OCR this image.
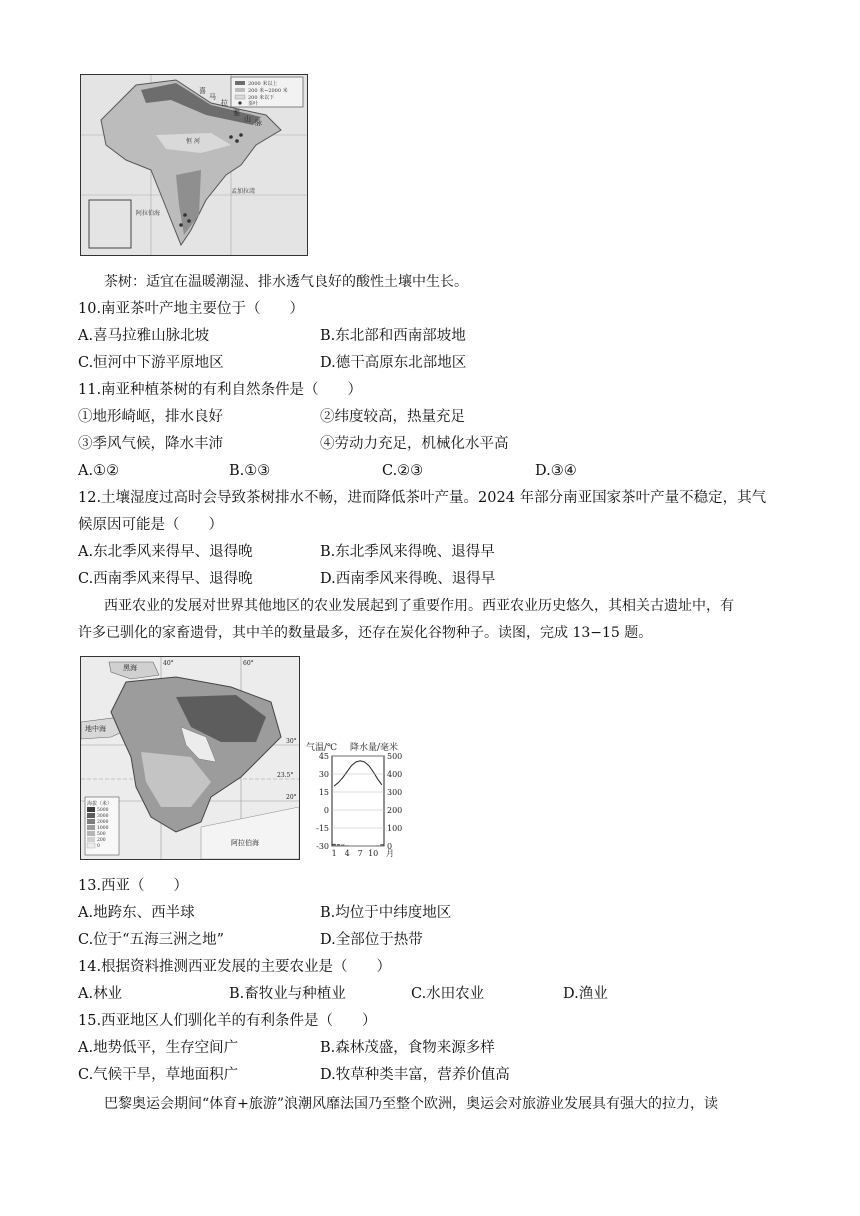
2000 米以上
200 米~2000 米
200 米以下
茶叶
喜
马
拉
雅
山 脉
恒 河
孟加拉湾
阿拉伯海
茶树：适宜在温暖潮湿、排水透气良好的酸性土壤中生长。
10.南亚茶叶产地主要位于（　　）
A.喜马拉雅山脉北坡	B.东北部和西南部坡地
C.恒河中下游平原地区	D.德干高原东北部地区
11.南亚种植茶树的有利自然条件是（　　）
①地形崎岖，排水良好	②纬度较高，热量充足
③季风气候，降水丰沛	④劳动力充足，机械化水平高
A.①②	B.①③	C.②③	D.③④
12.土壤湿度过高时会导致茶树排水不畅，进而降低茶叶产量。2024 年部分南亚国家茶叶产量不稳定，其气
候原因可能是（　　）
A.东北季风来得早、退得晚	B.东北季风来得晚、退得早
C.西南季风来得早、退得晚	D.西南季风来得晚、退得早
西亚农业的发展对世界其他地区的农业发展起到了重要作用。西亚农业历史悠久，其相关古遗址中，有
许多已驯化的家畜遗骨，其中羊的数量最多，还存在炭化谷物种子。读图，完成 13−15 题。
海拔（米）
5000
3000
2000
1000
500
200
0
黑海
地中海
阿拉伯海
30°
23.5°
20°
40°	60°
气温/℃ 降水量/毫米
45
30
15
0
-15
-30
500
400
300
200
100
0
1 4 7 10 月
13.西亚（　　）
A.地跨东、西半球	B.均位于中纬度地区
C.位于“五海三洲之地”	D.全部位于热带
14.根据资料推测西亚发展的主要农业是（　　）
A.林业	B.畜牧业与种植业	C.水田农业	D.渔业
15.西亚地区人们驯化羊的有利条件是（　　）
A.地势低平，生存空间广	B.森林茂盛，食物来源多样
C.气候干旱，草地面积广	D.牧草种类丰富，营养价值高
巴黎奥运会期间“体育+旅游”浪潮风靡法国乃至整个欧洲，奥运会对旅游业发展具有强大的拉力，读
